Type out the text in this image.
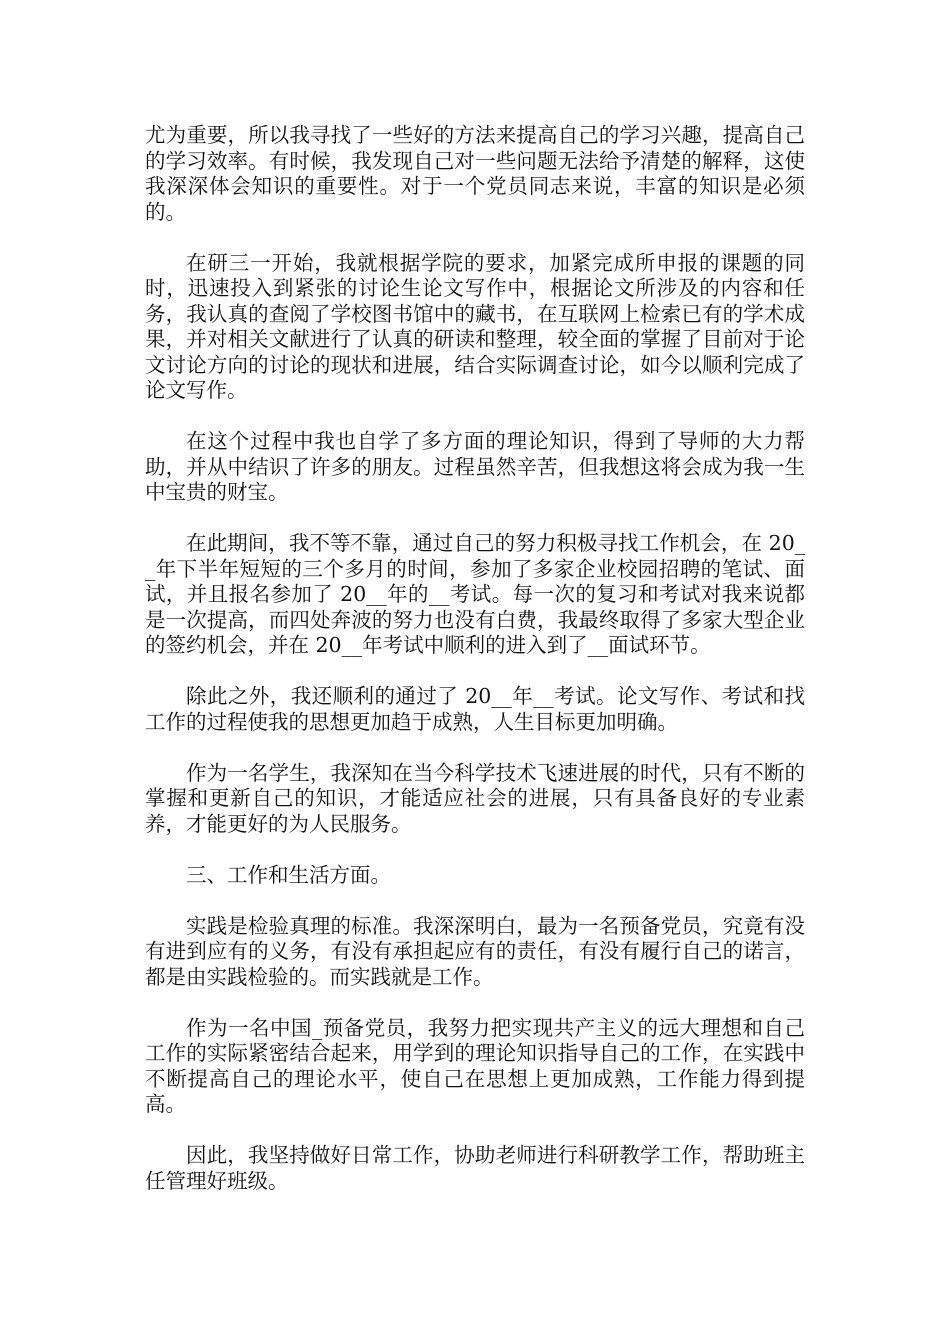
尤为重要，所以我寻找了一些好的方法来提高自己的学习兴趣，提高自己的学习效率。有时候，我发现自己对一些问题无法给予清楚的解释，这使我深深体会知识的重要性。对于一个党员同志来说，丰富的知识是必须的。

在研三一开始，我就根据学院的要求，加紧完成所申报的课题的同时，迅速投入到紧张的讨论生论文写作中，根据论文所涉及的内容和任务，我认真的查阅了学校图书馆中的藏书，在互联网上检索已有的学术成果，并对相关文献进行了认真的研读和整理，较全面的掌握了目前对于论文讨论方向的讨论的现状和进展，结合实际调查讨论，如今以顺利完成了论文写作。

在这个过程中我也自学了多方面的理论知识，得到了导师的大力帮助，并从中结识了许多的朋友。过程虽然辛苦，但我想这将会成为我一生中宝贵的财宝。

在此期间，我不等不靠，通过自己的努力积极寻找工作机会，在 20__年下半年短短的三个多月的时间，参加了多家企业校园招聘的笔试、面试，并且报名参加了 20__年的__考试。每一次的复习和考试对我来说都是一次提高，而四处奔波的努力也没有白费，我最终取得了多家大型企业的签约机会，并在 20__年考试中顺利的进入到了__面试环节。

除此之外，我还顺利的通过了 20__年__考试。论文写作、考试和找工作的过程使我的思想更加趋于成熟，人生目标更加明确。

作为一名学生，我深知在当今科学技术飞速进展的时代，只有不断的掌握和更新自己的知识，才能适应社会的进展，只有具备良好的专业素养，才能更好的为人民服务。

三、工作和生活方面。

实践是检验真理的标准。我深深明白，最为一名预备党员，究竟有没有进到应有的义务，有没有承担起应有的责任，有没有履行自己的诺言，都是由实践检验的。而实践就是工作。

作为一名中国_预备党员，我努力把实现共产主义的远大理想和自己工作的实际紧密结合起来，用学到的理论知识指导自己的工作，在实践中不断提高自己的理论水平，使自己在思想上更加成熟，工作能力得到提高。

因此，我坚持做好日常工作，协助老师进行科研教学工作，帮助班主任管理好班级。
